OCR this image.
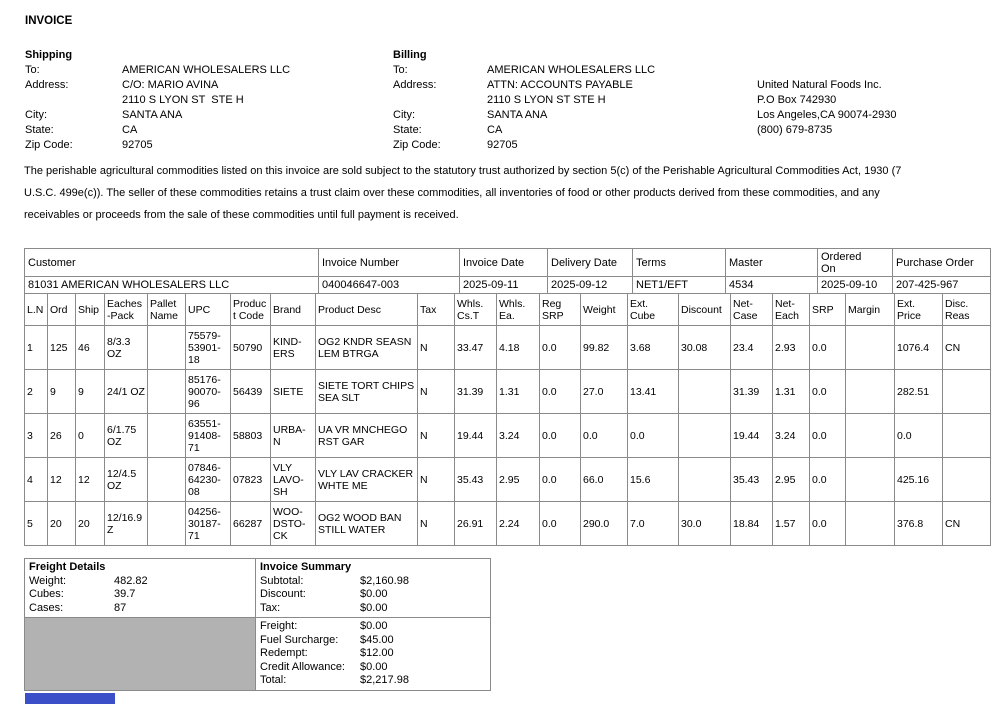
INVOICE
Shipping
To:	AMERICAN WHOLESALERS LLC
Address:	C/O: MARIO AVINA
2110 S LYON ST  STE H
City:	SANTA ANA
State:	CA
Zip Code:	92705
Billing
To:	AMERICAN WHOLESALERS LLC
Address:	ATTN: ACCOUNTS PAYABLE
2110 S LYON ST STE H
City:	SANTA ANA
State:	CA
Zip Code:	92705
United Natural Foods Inc.
P.O Box 742930
Los Angeles,CA 90074-2930
(800) 679-8735

The perishable agricultural commodities listed on this invoice are sold subject to the statutory trust authorized by section 5(c) of the Perishable Agricultural Commodities Act, 1930 (7 U.S.C. 499e(c)). The seller of these commodities retains a trust claim over these commodities, all inventories of food or other products derived from these commodities, and any receivables or proceeds from the sale of these commodities until full payment is received.

Customer	Invoice Number	Invoice Date	Delivery Date	Terms	Master	Ordered On	Purchase Order
81031 AMERICAN WHOLESALERS LLC	040046647-003	2025-09-11	2025-09-12	NET1/EFT	4534	2025-09-10	207-425-967
L.N	Ord	Ship	Eaches-Pack	Pallet Name	UPC	Product Code	Brand	Product Desc	Tax	Whls. Cs.T	Whls. Ea.	Reg SRP	Weight	Ext. Cube	Discount	Net-Case	Net-Each	SRP	Margin	Ext. Price	Disc. Reas
1	125	46	8/3.3 OZ		75579-53901-18	50790	KIND-ERS	OG2 KNDR SEASN LEM BTRGA	N	33.47	4.18	0.0	99.82	3.68	30.08	23.4	2.93	0.0		1076.4	CN
2	9	9	24/1 OZ		85176-90070-96	56439	SIETE	SIETE TORT CHIPS SEA SLT	N	31.39	1.31	0.0	27.0	13.41		31.39	1.31	0.0		282.51	
3	26	0	6/1.75 OZ		63551-91408-71	58803	URBA-N	UA VR MNCHEGO RST GAR	N	19.44	3.24	0.0	0.0	0.0		19.44	3.24	0.0		0.0	
4	12	12	12/4.5 OZ		07846-64230-08	07823	VLY LAVO-SH	VLY LAV CRACKER WHTE ME	N	35.43	2.95	0.0	66.0	15.6		35.43	2.95	0.0		425.16	
5	20	20	12/16.9 Z		04256-30187-71	66287	WOO-DSTO-CK	OG2 WOOD BAN STILL WATER	N	26.91	2.24	0.0	290.0	7.0	30.0	18.84	1.57	0.0		376.8	CN
Freight Details
Weight:	482.82
Cubes:	39.7
Cases:	87

Invoice Summary
Subtotal:	$2,160.98
Discount:	$0.00
Tax:	$0.00

Freight:	$0.00
Fuel Surcharge:	$45.00
Redempt:	$12.00
Credit Allowance:	$0.00
Total:	$2,217.98
